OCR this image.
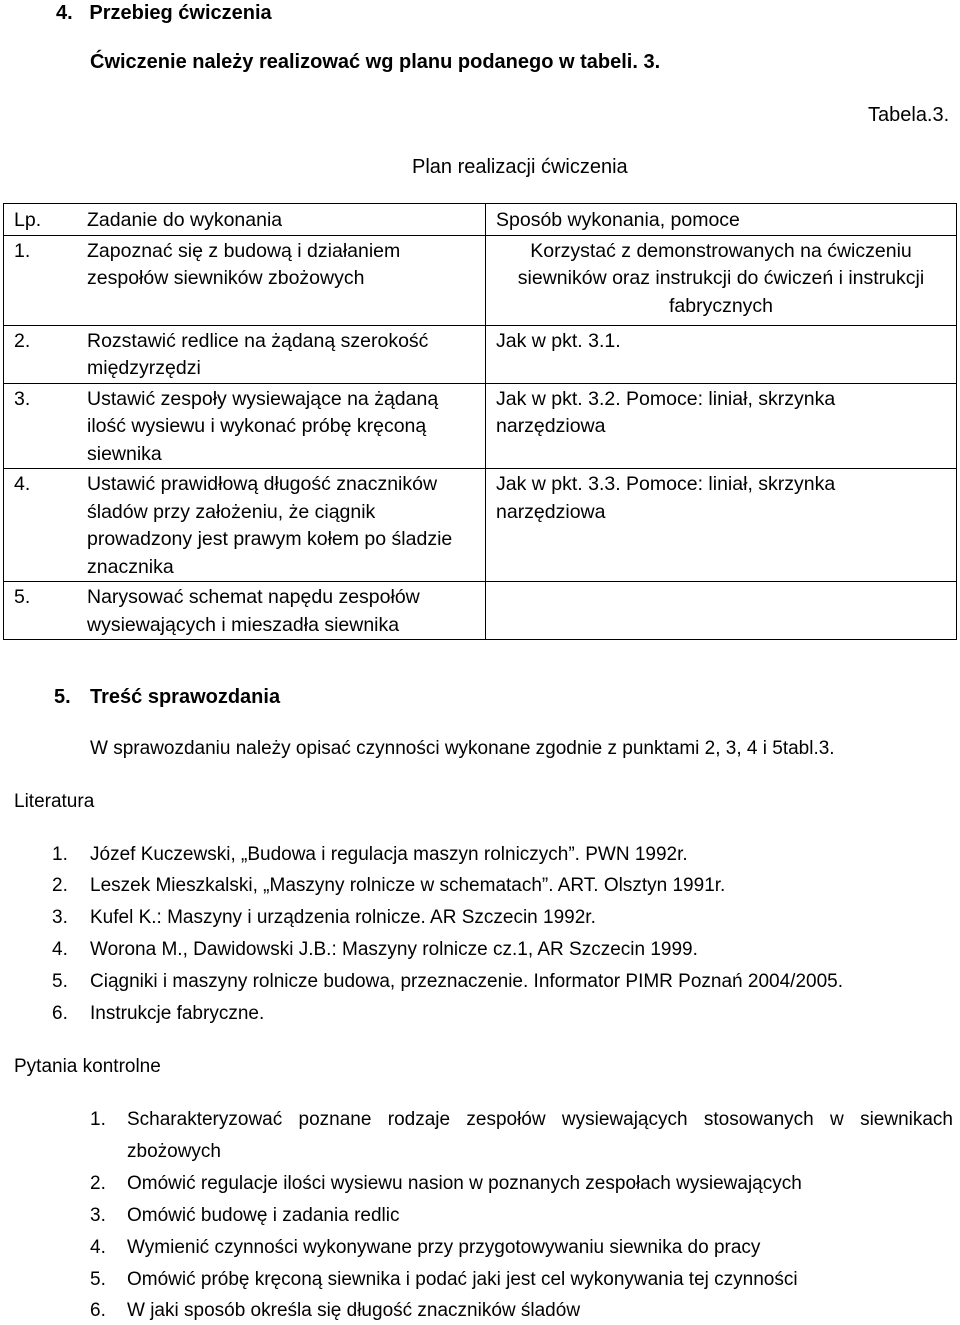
4.   Przebieg ćwiczenia
Ćwiczenie należy realizować wg planu podanego w tabeli. 3.
Tabela.3.
Plan realizacji ćwiczenia
Lp. Zadanie do wykonania	Sposób wykonania, pomoce

1. Zapoznać się z budową i działaniem zespołów siewników zbożowych	Korzystać z demonstrowanych na ćwiczeniu siewników oraz instrukcji do ćwiczeń i instrukcji fabrycznych

2. Rozstawić redlice na żądaną szerokość międzyrzędzi	Jak w pkt. 3.1.

3. Ustawić zespoły wysiewające na żądaną ilość wysiewu i wykonać próbę kręconą siewnika	Jak w pkt. 3.2. Pomoce: liniał, skrzynka narzędziowa

4. Ustawić prawidłową długość znaczników śladów przy założeniu, że ciągnik prowadzony jest prawym kołem po śladzie znacznika	Jak w pkt. 3.3. Pomoce: liniał, skrzynka narzędziowa

5. Narysować schemat napędu zespołów wysiewających i mieszadła siewnika	

5. Treść sprawozdania
W sprawozdaniu należy opisać czynności wykonane zgodnie z punktami 2, 3, 4 i 5tabl.3.
Literatura
1. Józef Kuczewski, „Budowa i regulacja maszyn rolniczych”. PWN 1992r.
2. Leszek Mieszkalski, „Maszyny rolnicze w schematach”. ART. Olsztyn 1991r.
3. Kufel K.: Maszyny i urządzenia rolnicze. AR Szczecin 1992r.
4. Worona M., Dawidowski J.B.: Maszyny rolnicze cz.1, AR Szczecin 1999.
5. Ciągniki i maszyny rolnicze budowa, przeznaczenie. Informator PIMR Poznań 2004/2005.
6. Instrukcje fabryczne.
Pytania kontrolne
1. Scharakteryzować poznane rodzaje zespołów wysiewających stosowanych w siewnikach
zbożowych
2. Omówić regulacje ilości wysiewu nasion w poznanych zespołach wysiewających
3. Omówić budowę i zadania redlic
4. Wymienić czynności wykonywane przy przygotowywaniu siewnika do pracy
5. Omówić próbę kręconą siewnika i podać jaki jest cel wykonywania tej czynności
6. W jaki sposób określa się długość znaczników śladów
